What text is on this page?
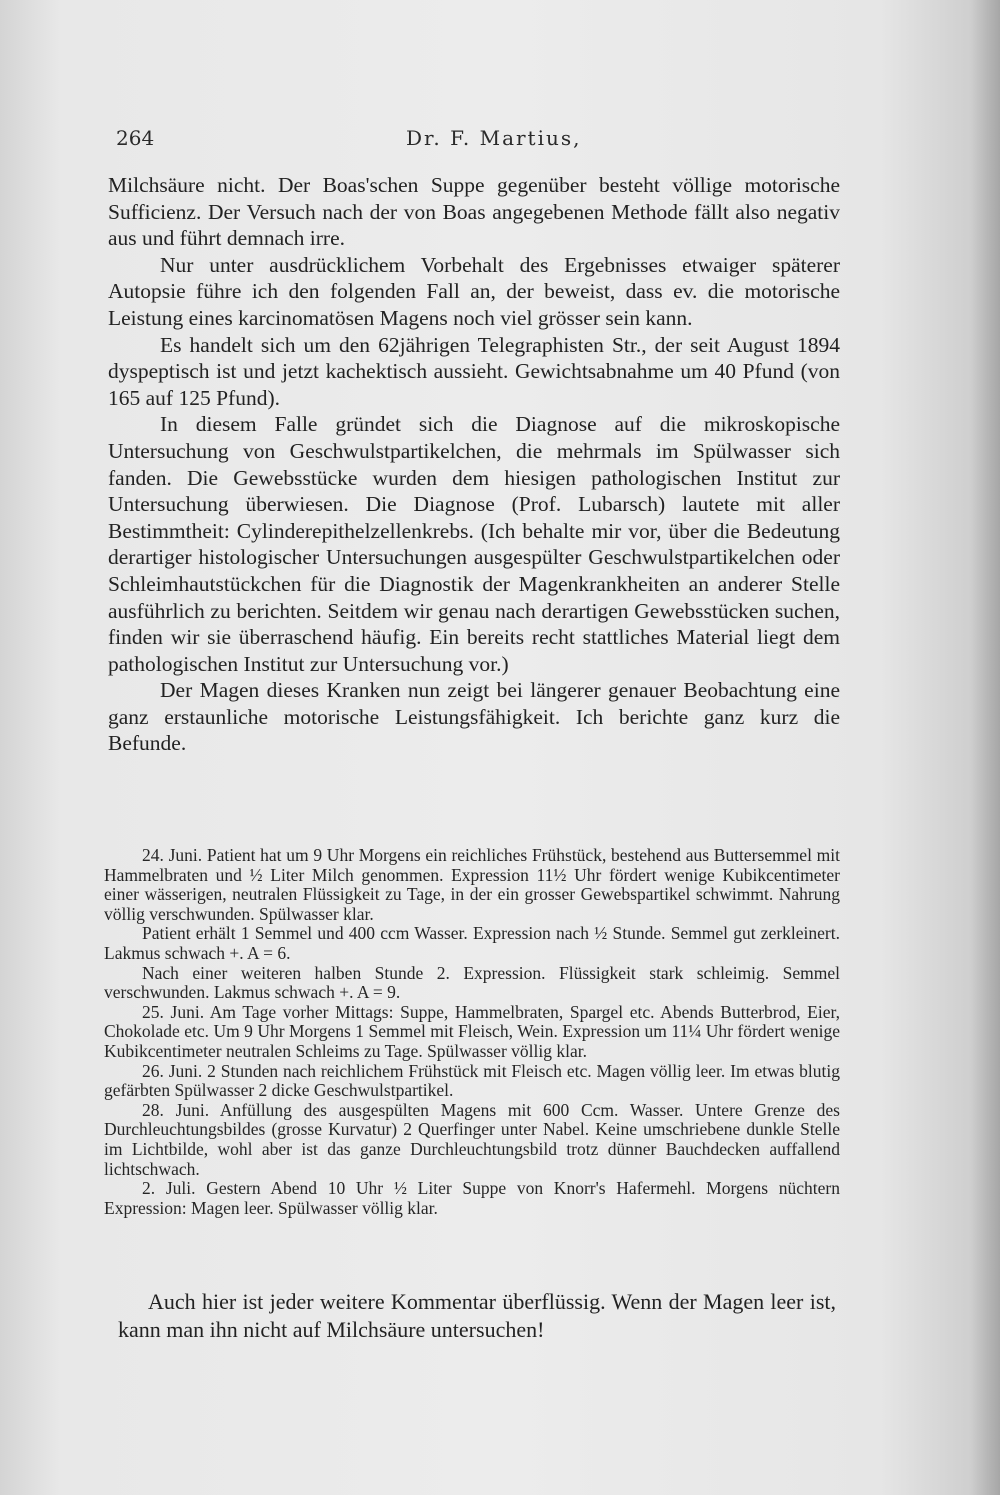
264	Dr. F. Martius,

Milchsäure nicht. Der Boas'schen Suppe gegenüber besteht völlige motorische Sufficienz. Der Versuch nach der von Boas angegebenen Methode fällt also negativ aus und führt demnach irre.

Nur unter ausdrücklichem Vorbehalt des Ergebnisses etwaiger späterer Autopsie führe ich den folgenden Fall an, der beweist, dass ev. die motorische Leistung eines karcinomatösen Magens noch viel grösser sein kann.

Es handelt sich um den 62jährigen Telegraphisten Str., der seit August 1894 dyspeptisch ist und jetzt kachektisch aussieht. Gewichtsabnahme um 40 Pfund (von 165 auf 125 Pfund).

In diesem Falle gründet sich die Diagnose auf die mikroskopische Untersuchung von Geschwulstpartikelchen, die mehrmals im Spülwasser sich fanden. Die Gewebsstücke wurden dem hiesigen pathologischen Institut zur Untersuchung überwiesen. Die Diagnose (Prof. Lubarsch) lautete mit aller Bestimmtheit: Cylinderepithelzellenkrebs. (Ich behalte mir vor, über die Bedeutung derartiger histologischer Untersuchungen ausgespülter Geschwulstpartikelchen oder Schleimhautstückchen für die Diagnostik der Magenkrankheiten an anderer Stelle ausführlich zu berichten. Seitdem wir genau nach derartigen Gewebsstücken suchen, finden wir sie überraschend häufig. Ein bereits recht stattliches Material liegt dem pathologischen Institut zur Untersuchung vor.)

Der Magen dieses Kranken nun zeigt bei längerer genauer Beobachtung eine ganz erstaunliche motorische Leistungsfähigkeit. Ich berichte ganz kurz die Befunde.

24. Juni. Patient hat um 9 Uhr Morgens ein reichliches Frühstück, bestehend aus Buttersemmel mit Hammelbraten und ½ Liter Milch genommen. Expression 11½ Uhr fördert wenige Kubikcentimeter einer wässerigen, neutralen Flüssigkeit zu Tage, in der ein grosser Gewebspartikel schwimmt. Nahrung völlig verschwunden. Spülwasser klar.

Patient erhält 1 Semmel und 400 ccm Wasser. Expression nach ½ Stunde. Semmel gut zerkleinert. Lakmus schwach +. A = 6.

Nach einer weiteren halben Stunde 2. Expression. Flüssigkeit stark schleimig. Semmel verschwunden. Lakmus schwach +. A = 9.

25. Juni. Am Tage vorher Mittags: Suppe, Hammelbraten, Spargel etc. Abends Butterbrod, Eier, Chokolade etc. Um 9 Uhr Morgens 1 Semmel mit Fleisch, Wein. Expression um 11¼ Uhr fördert wenige Kubikcentimeter neutralen Schleims zu Tage. Spülwasser völlig klar.

26. Juni. 2 Stunden nach reichlichem Frühstück mit Fleisch etc. Magen völlig leer. Im etwas blutig gefärbten Spülwasser 2 dicke Geschwulstpartikel.

28. Juni. Anfüllung des ausgespülten Magens mit 600 Ccm. Wasser. Untere Grenze des Durchleuchtungsbildes (grosse Kurvatur) 2 Querfinger unter Nabel. Keine umschriebene dunkle Stelle im Lichtbilde, wohl aber ist das ganze Durchleuchtungsbild trotz dünner Bauchdecken auffallend lichtschwach.

2. Juli. Gestern Abend 10 Uhr ½ Liter Suppe von Knorr's Hafermehl. Morgens nüchtern Expression: Magen leer. Spülwasser völlig klar.

Auch hier ist jeder weitere Kommentar überflüssig. Wenn der Magen leer ist, kann man ihn nicht auf Milchsäure untersuchen!
